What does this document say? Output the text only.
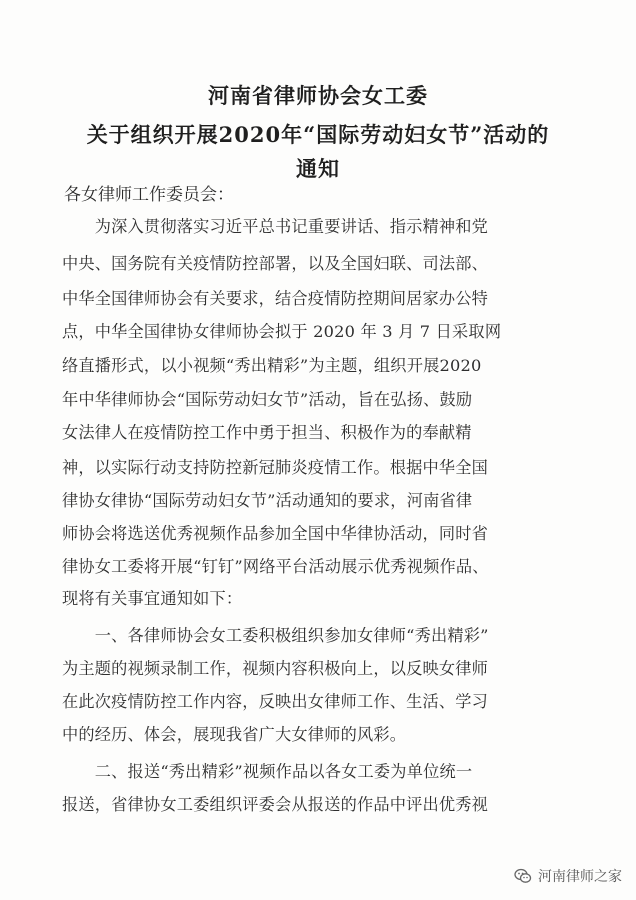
河南省律师协会女工委
关于组织开展2020年“国际劳动妇女节”活动的
通知
各女律师工作委员会：
　　为深入贯彻落实习近平总书记重要讲话、指示精神和党
中央、国务院有关疫情防控部署，以及全国妇联、司法部、
中华全国律师协会有关要求，结合疫情防控期间居家办公特
点，中华全国律协女律师协会拟于 2020 年 3 月 7 日采取网
络直播形式，以小视频“秀出精彩”为主题，组织开展2020
年中华律师协会“国际劳动妇女节”活动，旨在弘扬、鼓励
女法律人在疫情防控工作中勇于担当、积极作为的奉献精
神，以实际行动支持防控新冠肺炎疫情工作。根据中华全国
律协女律协“国际劳动妇女节”活动通知的要求，河南省律
师协会将选送优秀视频作品参加全国中华律协活动，同时省
律协女工委将开展“钉钉”网络平台活动展示优秀视频作品、
现将有关事宜通知如下：
　　一、各律师协会女工委积极组织参加女律师“秀出精彩”
为主题的视频录制工作，视频内容积极向上，以反映女律师
在此次疫情防控工作内容，反映出女律师工作、生活、学习
中的经历、体会，展现我省广大女律师的风彩。
　　二、报送“秀出精彩”视频作品以各女工委为单位统一
报送，省律协女工委组织评委会从报送的作品中评出优秀视
河南律师之家
